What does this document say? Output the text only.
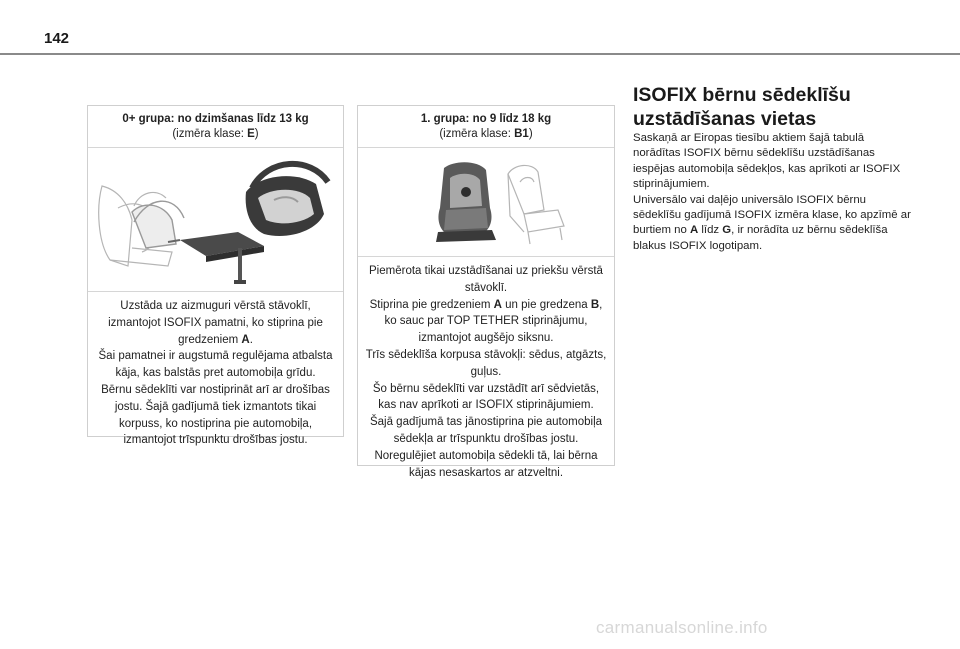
142
0+ grupa: no dzimšanas līdz 13 kg
(izmēra klase: E)

Uzstāda uz aizmuguri vērstā stāvoklī, izmantojot ISOFIX pamatni, ko stiprina pie gredzeniem A.

Šai pamatnei ir augstumā regulējama atbalsta kāja, kas balstās pret automobiļa grīdu.

Bērnu sēdeklīti var nostiprināt arī ar drošības jostu. Šajā gadījumā tiek izmantots tikai korpuss, ko nostiprina pie automobiļa, izmantojot trīspunktu drošības jostu.

1. grupa: no 9 līdz 18 kg
(izmēra klase: B1)

Piemērota tikai uzstādīšanai uz priekšu vērstā stāvoklī.

Stiprina pie gredzeniem A un pie gredzena B, ko sauc par TOP TETHER stiprinājumu, izmantojot augšējo siksnu.

Trīs sēdeklīša korpusa stāvokļi: sēdus, atgāzts, guļus.

Šo bērnu sēdeklīti var uzstādīt arī sēdvietās, kas nav aprīkoti ar ISOFIX stiprinājumiem.

Šajā gadījumā tas jānostiprina pie automobiļa sēdekļa ar trīspunktu drošības jostu.

Noregulējiet automobiļa sēdekli tā, lai bērna kājas nesaskartos ar atzveltni.

ISOFIX bērnu sēdeklīšu
uzstādīšanas vietas

Saskaņā ar Eiropas tiesību aktiem šajā tabulā norādītas ISOFIX bērnu sēdeklīšu uzstādīšanas iespējas automobiļa sēdekļos, kas aprīkoti ar ISOFIX stiprinājumiem.

Universālo vai daļējo universālo ISOFIX bērnu sēdeklīšu gadījumā ISOFIX izmēra klase, ko apzīmē ar burtiem no A līdz G, ir norādīta uz bērnu sēdeklīša blakus ISOFIX logotipam.

carmanualsonline.info
